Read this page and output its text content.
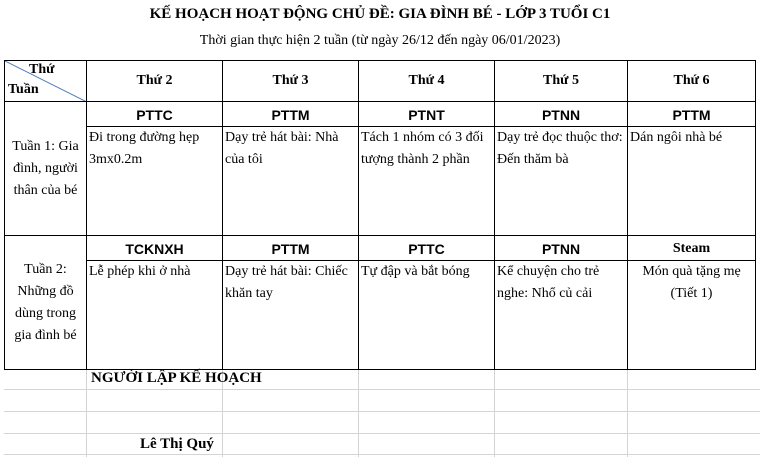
KẾ HOẠCH HOẠT ĐỘNG CHỦ ĐỀ: GIA ĐÌNH BÉ - LỚP 3 TUỔI C1
Thời gian thực hiện 2 tuần (từ ngày 26/12 đến ngày 06/01/2023)
Thứ
Tuần	Thứ 2	Thứ 3	Thứ 4	Thứ 5	Thứ 6
Tuần 1: Gia đình, người thân của bé	PTTC	PTTM	PTNT	PTNN	PTTM
	Đi trong đường hẹp 3mx0.2m	Dạy trẻ hát bài: Nhà của tôi	Tách 1 nhóm có 3 đối tượng thành 2 phần	Dạy trẻ đọc thuộc thơ: Đến thăm bà	Dán ngôi nhà bé
Tuần 2: Những đồ dùng trong gia đình bé	TCKNXH	PTTM	PTTC	PTNN	Steam
	Lễ phép khi ở nhà	Dạy trẻ hát bài: Chiếc khăn tay	Tự đập và bắt bóng	Kể chuyện cho trẻ nghe: Nhổ củ cải	Món quà tặng mẹ (Tiết 1)
NGƯỜI LẬP KẾ HOẠCH
Lê Thị Quý
